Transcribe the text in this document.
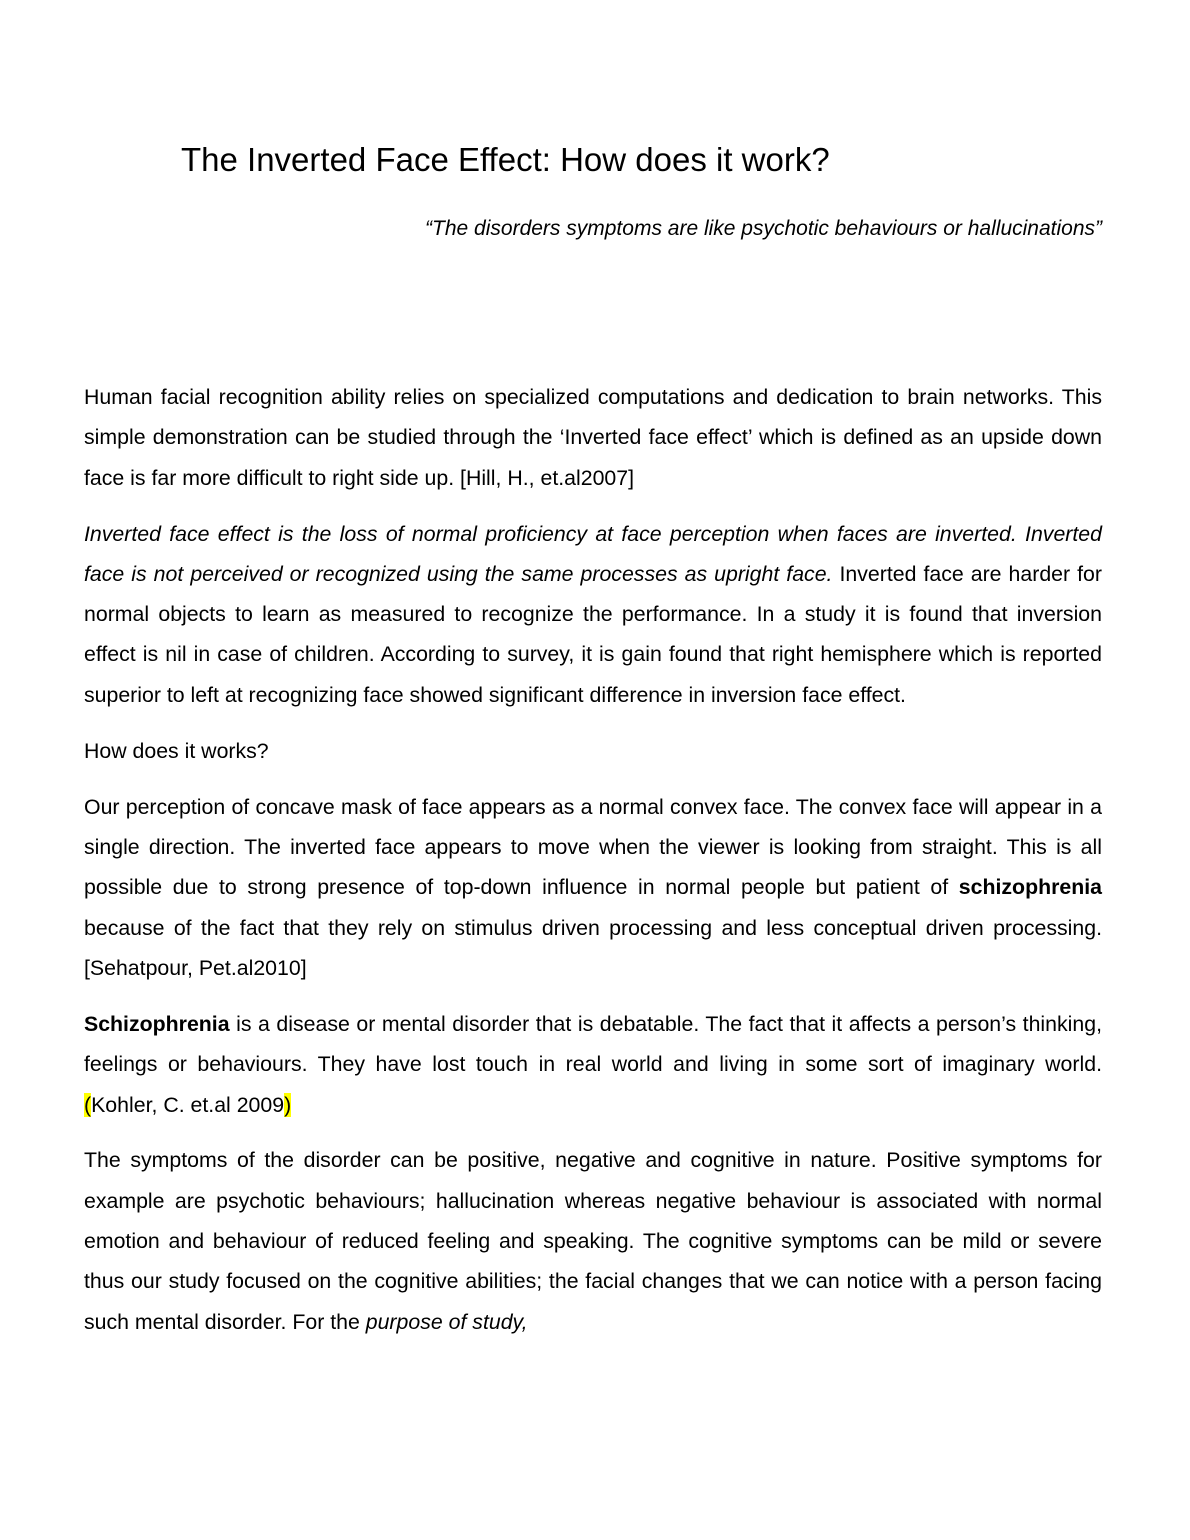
The Inverted Face Effect: How does it work?

“The disorders symptoms are like psychotic behaviours or hallucinations”

Human facial recognition ability relies on specialized computations and dedication to brain networks. This simple demonstration can be studied through the ‘Inverted face effect’ which is defined as an upside down face is far more difficult to right side up. [Hill, H., et.al2007]

Inverted face effect is the loss of normal proficiency at face perception when faces are inverted. Inverted face is not perceived or recognized using the same processes as upright face. Inverted face are harder for normal objects to learn as measured to recognize the performance. In a study it is found that inversion effect is nil in case of children. According to survey, it is gain found that right hemisphere which is reported superior to left at recognizing face showed significant difference in inversion face effect.

How does it works?

Our perception of concave mask of face appears as a normal convex face. The convex face will appear in a single direction. The inverted face appears to move when the viewer is looking from straight. This is all possible due to strong presence of top-down influence in normal people but patient of schizophrenia because of the fact that they rely on stimulus driven processing and less conceptual driven processing. [Sehatpour, Pet.al2010]

Schizophrenia is a disease or mental disorder that is debatable. The fact that it affects a person’s thinking, feelings or behaviours. They have lost touch in real world and living in some sort of imaginary world. (Kohler, C. et.al 2009)

The symptoms of the disorder can be positive, negative and cognitive in nature. Positive symptoms for example are psychotic behaviours; hallucination whereas negative behaviour is associated with normal emotion and behaviour of reduced feeling and speaking. The cognitive symptoms can be mild or severe thus our study focused on the cognitive abilities; the facial changes that we can notice with a person facing such mental disorder. For the purpose of study,
